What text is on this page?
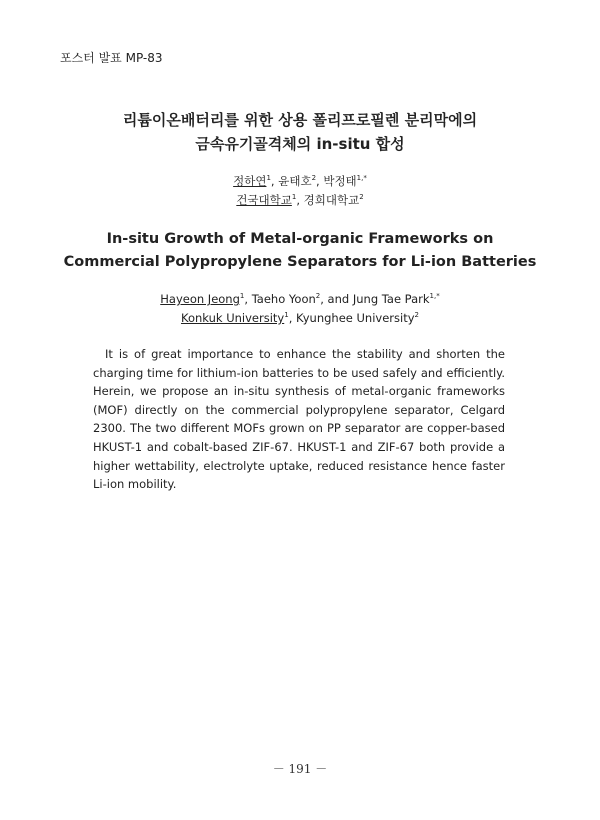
포스터 발표 MP-83
리튬이온배터리를 위한 상용 폴리프로필렌 분리막에의
금속유기골격체의 in-situ 합성
정하연$^1$, 윤태호$^2$, 박정태$^{1,*}$
건국대학교$^1$, 경희대학교$^2$
In-situ Growth of Metal-organic Frameworks on
Commercial Polypropylene Separators for Li-ion Batteries
Hayeon Jeong$^1$, Taeho Yoon$^2$, and Jung Tae Park$^{1,*}$
Konkuk University$^1$, Kyunghee University$^2$

It is of great importance to enhance the stability and shorten the charging time for lithium-ion batteries to be used safely and efficiently. Herein, we propose an in-situ synthesis of metal-organic frameworks (MOF) directly on the commercial polypropylene separator, Celgard 2300. The two different MOFs grown on PP separator are copper-based HKUST-1 and cobalt-based ZIF-67. HKUST-1 and ZIF-67 both provide a higher wettability, electrolyte uptake, reduced resistance hence faster Li-ion mobility.

－ 191 －
